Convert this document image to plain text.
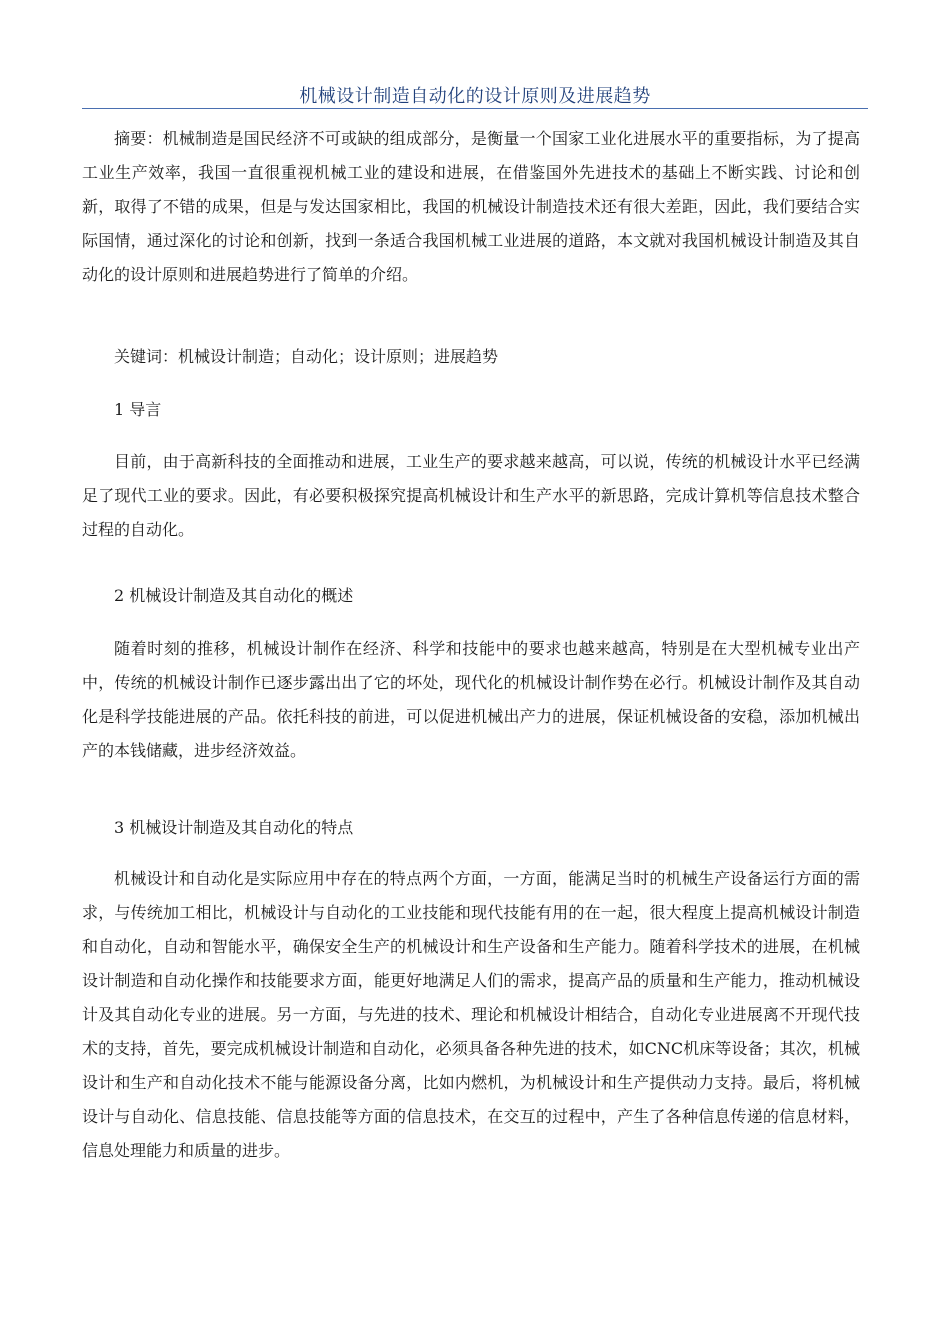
机械设计制造自动化的设计原则及进展趋势

摘要：机械制造是国民经济不可或缺的组成部分，是衡量一个国家工业化进展水平的重要指标，为了提高工业生产效率，我国一直很重视机械工业的建设和进展，在借鉴国外先进技术的基础上不断实践、讨论和创新，取得了不错的成果，但是与发达国家相比，我国的机械设计制造技术还有很大差距，因此，我们要结合实际国情，通过深化的讨论和创新，找到一条适合我国机械工业进展的道路，本文就对我国机械设计制造及其自动化的设计原则和进展趋势进行了简单的介绍。

关键词：机械设计制造；自动化；设计原则；进展趋势

1 导言

目前，由于高新科技的全面推动和进展，工业生产的要求越来越高，可以说，传统的机械设计水平已经满足了现代工业的要求。因此，有必要积极探究提高机械设计和生产水平的新思路，完成计算机等信息技术整合过程的自动化。

2 机械设计制造及其自动化的概述

随着时刻的推移，机械设计制作在经济、科学和技能中的要求也越来越高，特别是在大型机械专业出产中，传统的机械设计制作已逐步露出出了它的坏处，现代化的机械设计制作势在必行。机械设计制作及其自动化是科学技能进展的产品。依托科技的前进，可以促进机械出产力的进展，保证机械设备的安稳，添加机械出产的本钱储藏，进步经济效益。

3 机械设计制造及其自动化的特点

机械设计和自动化是实际应用中存在的特点两个方面，一方面，能满足当时的机械生产设备运行方面的需求，与传统加工相比，机械设计与自动化的工业技能和现代技能有用的在一起，很大程度上提高机械设计制造和自动化，自动和智能水平，确保安全生产的机械设计和生产设备和生产能力。随着科学技术的进展，在机械设计制造和自动化操作和技能要求方面，能更好地满足人们的需求，提高产品的质量和生产能力，推动机械设计及其自动化专业的进展。另一方面，与先进的技术、理论和机械设计相结合，自动化专业进展离不开现代技术的支持，首先，要完成机械设计制造和自动化，必须具备各种先进的技术，如CNC机床等设备；其次，机械设计和生产和自动化技术不能与能源设备分离，比如内燃机，为机械设计和生产提供动力支持。最后，将机械设计与自动化、信息技能、信息技能等方面的信息技术，在交互的过程中，产生了各种信息传递的信息材料，信息处理能力和质量的进步。
